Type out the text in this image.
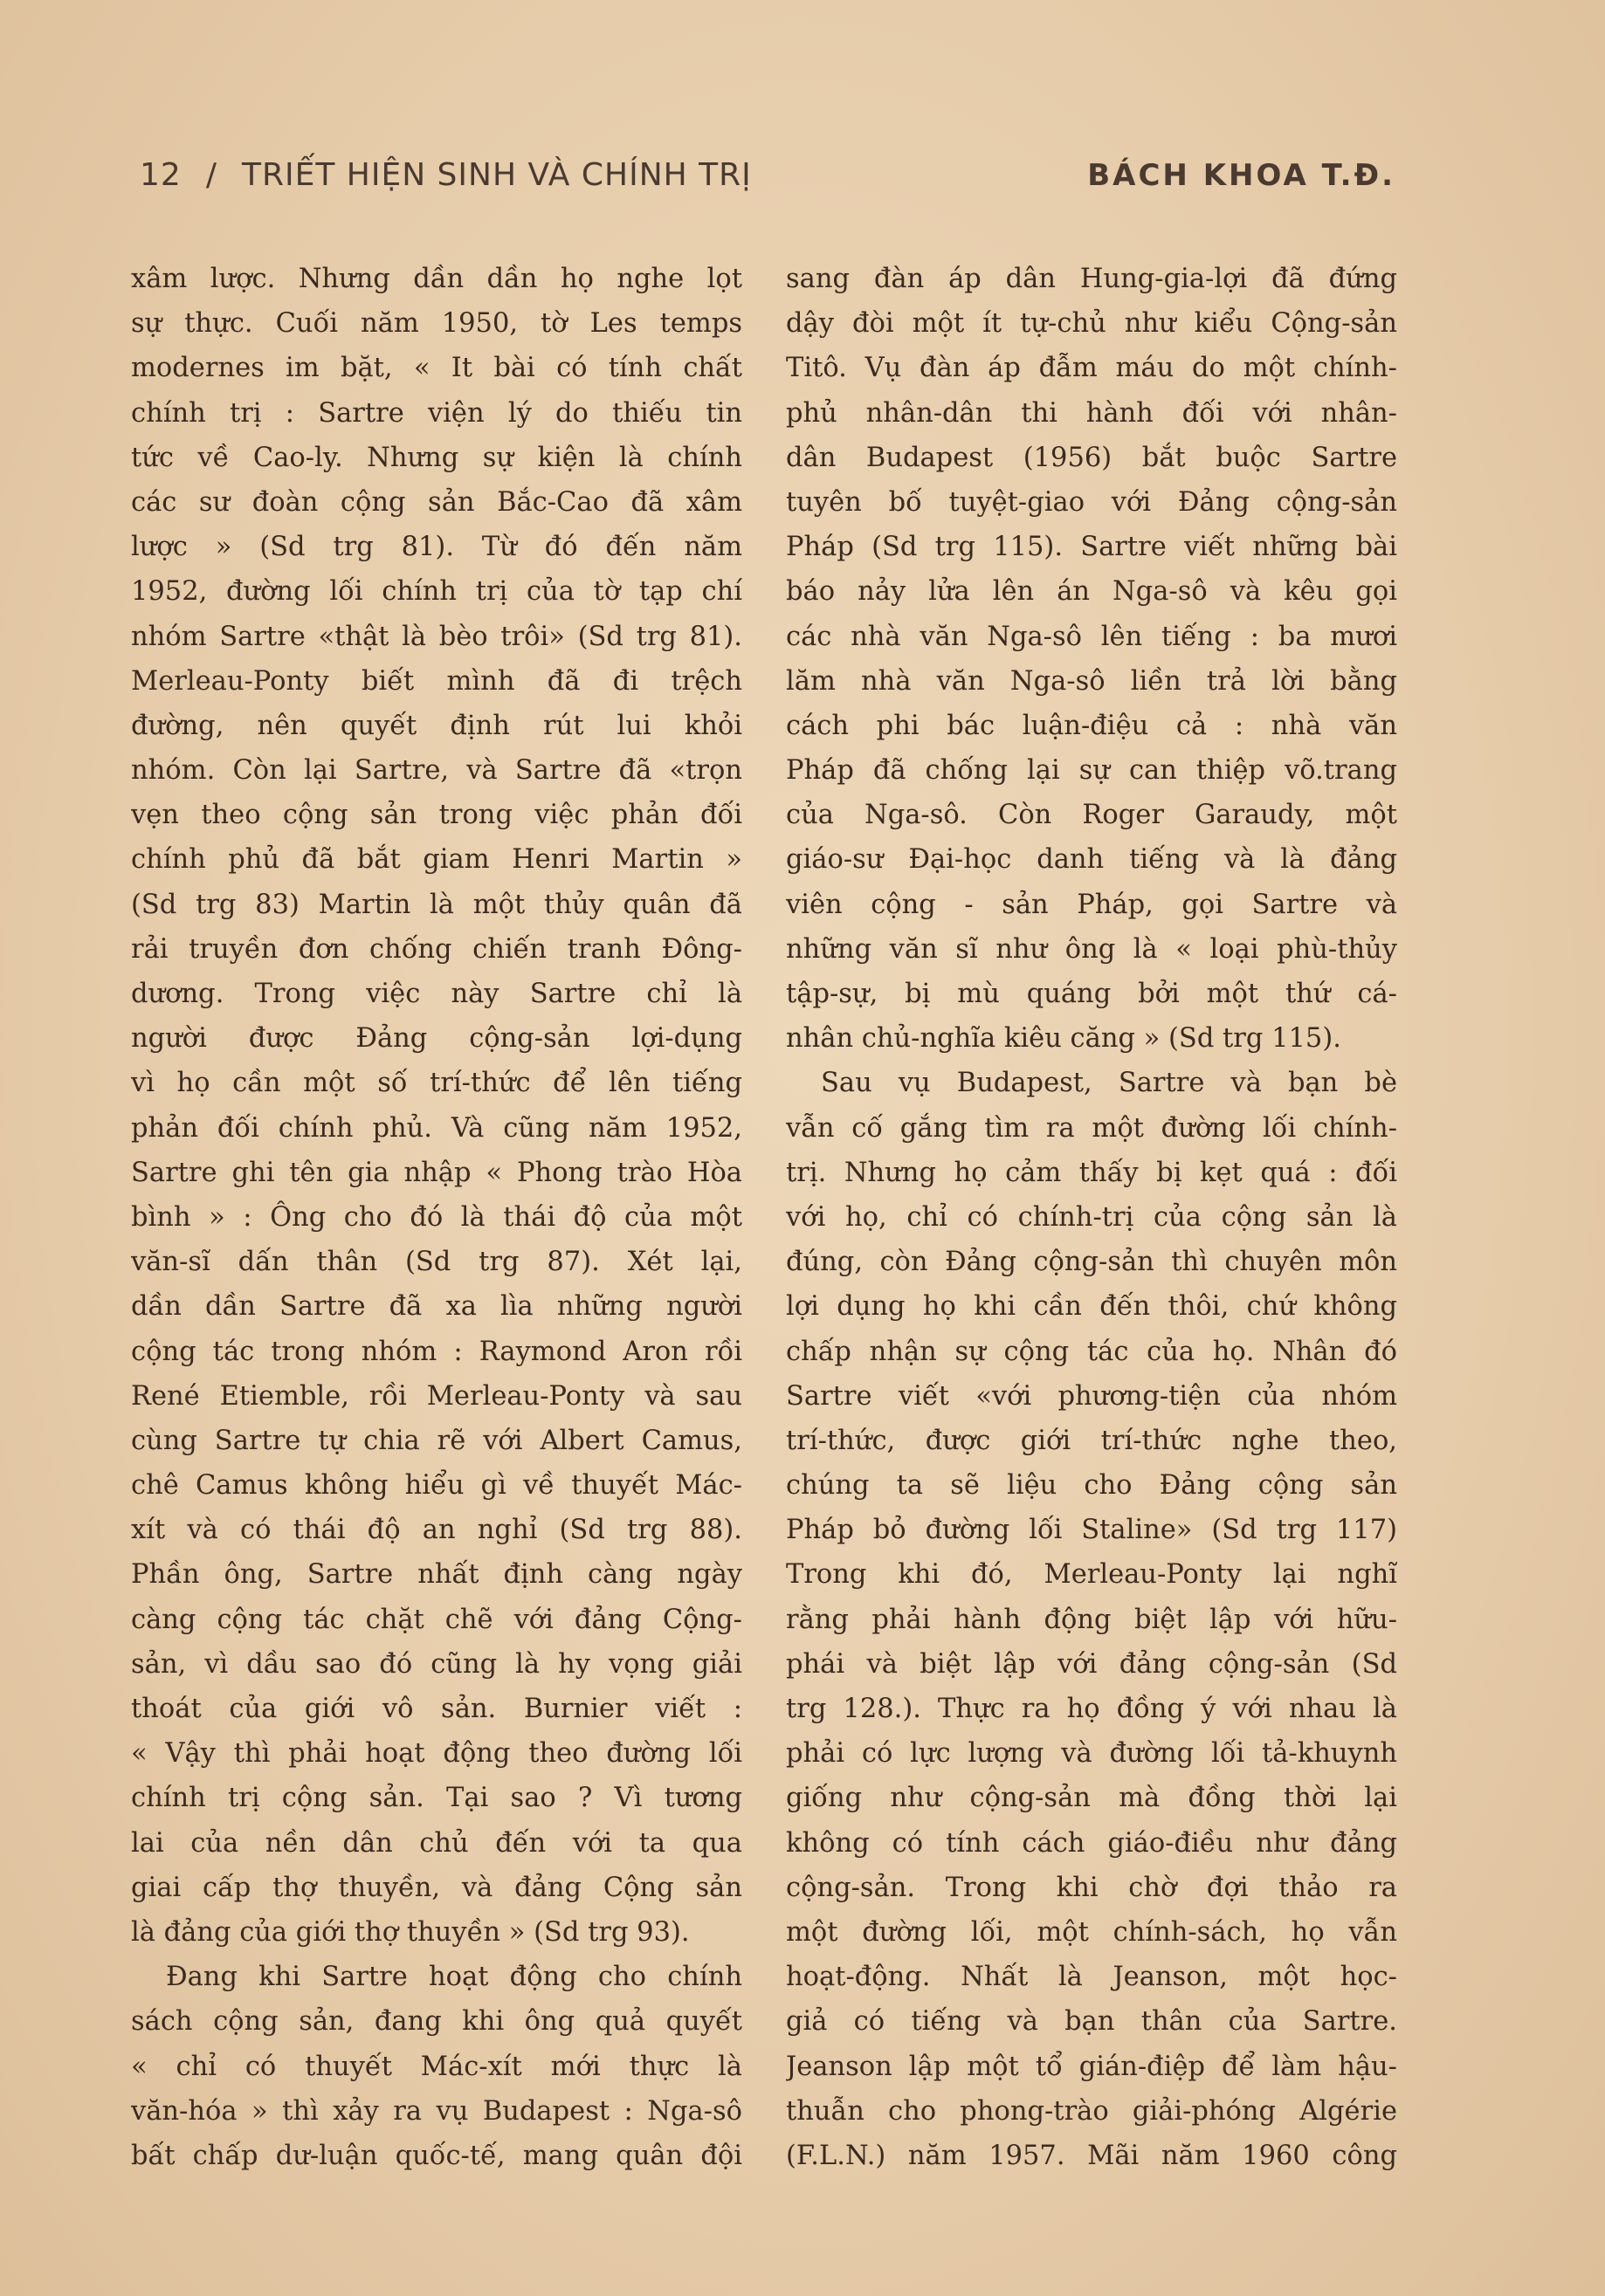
12 / TRIẾT HIỆN SINH VÀ CHÍNH TRỊ	BÁCH KHOA T.Đ.
xâm lược. Nhưng dần dần họ nghe lọt
sự thực. Cuối năm 1950, tờ Les temps
modernes im bặt, « It bài có tính chất
chính trị : Sartre viện lý do thiếu tin
tức về Cao-ly. Nhưng sự kiện là chính
các sư đoàn cộng sản Bắc-Cao đã xâm
lược » (Sd trg 81). Từ đó đến năm
1952, đường lối chính trị của tờ tạp chí
nhóm Sartre «thật là bèo trôi» (Sd trg 81).
Merleau-Ponty biết mình đã đi trệch
đường, nên quyết định rút lui khỏi
nhóm. Còn lại Sartre, và Sartre đã «trọn
vẹn theo cộng sản trong việc phản đối
chính phủ đã bắt giam Henri Martin »
(Sd trg 83) Martin là một thủy quân đã
rải truyền đơn chống chiến tranh Đông-
dương. Trong việc này Sartre chỉ là
người được Đảng cộng-sản lợi-dụng
vì họ cần một số trí-thức để lên tiếng
phản đối chính phủ. Và cũng năm 1952,
Sartre ghi tên gia nhập « Phong trào Hòa
bình » : Ông cho đó là thái độ của một
văn-sĩ dấn thân (Sd trg 87). Xét lại,
dần dần Sartre đã xa lìa những người
cộng tác trong nhóm : Raymond Aron rồi
René Etiemble, rồi Merleau-Ponty và sau
cùng Sartre tự chia rẽ với Albert Camus,
chê Camus không hiểu gì về thuyết Mác-
xít và có thái độ an nghỉ (Sd trg 88).
Phần ông, Sartre nhất định càng ngày
càng cộng tác chặt chẽ với đảng Cộng-
sản, vì dầu sao đó cũng là hy vọng giải
thoát của giới vô sản. Burnier viết :
« Vậy thì phải hoạt động theo đường lối
chính trị cộng sản. Tại sao ? Vì tương
lai của nền dân chủ đến với ta qua
giai cấp thợ thuyền, và đảng Cộng sản
là đảng của giới thợ thuyền » (Sd trg 93).
Đang khi Sartre hoạt động cho chính
sách cộng sản, đang khi ông quả quyết
« chỉ có thuyết Mác-xít mới thực là
văn-hóa » thì xảy ra vụ Budapest : Nga-sô
bất chấp dư-luận quốc-tế, mang quân đội
sang đàn áp dân Hung-gia-lợi đã đứng
dậy đòi một ít tự-chủ như kiểu Cộng-sản
Titô. Vụ đàn áp đẫm máu do một chính-
phủ nhân-dân thi hành đối với nhân-
dân Budapest (1956) bắt buộc Sartre
tuyên bố tuyệt-giao với Đảng cộng-sản
Pháp (Sd trg 115). Sartre viết những bài
báo nảy lửa lên án Nga-sô và kêu gọi
các nhà văn Nga-sô lên tiếng : ba mươi
lăm nhà văn Nga-sô liền trả lời bằng
cách phi bác luận-điệu cả : nhà văn
Pháp đã chống lại sự can thiệp võ.trang
của Nga-sô. Còn Roger Garaudy, một
giáo-sư Đại-học danh tiếng và là đảng
viên cộng - sản Pháp, gọi Sartre và
những văn sĩ như ông là « loại phù-thủy
tập-sự, bị mù quáng bởi một thứ cá-
nhân chủ-nghĩa kiêu căng » (Sd trg 115).
Sau vụ Budapest, Sartre và bạn bè
vẫn cố gắng tìm ra một đường lối chính-
trị. Nhưng họ cảm thấy bị kẹt quá : đối
với họ, chỉ có chính-trị của cộng sản là
đúng, còn Đảng cộng-sản thì chuyên môn
lợi dụng họ khi cần đến thôi, chứ không
chấp nhận sự cộng tác của họ. Nhân đó
Sartre viết «với phương-tiện của nhóm
trí-thức, được giới trí-thức nghe theo,
chúng ta sẽ liệu cho Đảng cộng sản
Pháp bỏ đường lối Staline» (Sd trg 117)
Trong khi đó, Merleau-Ponty lại nghĩ
rằng phải hành động biệt lập với hữu-
phái và biệt lập với đảng cộng-sản (Sd
trg 128.). Thực ra họ đồng ý với nhau là
phải có lực lượng và đường lối tả-khuynh
giống như cộng-sản mà đồng thời lại
không có tính cách giáo-điều như đảng
cộng-sản. Trong khi chờ đợi thảo ra
một đường lối, một chính-sách, họ vẫn
hoạt-động. Nhất là Jeanson, một học-
giả có tiếng và bạn thân của Sartre.
Jeanson lập một tổ gián-điệp để làm hậu-
thuẫn cho phong-trào giải-phóng Algérie
(F.L.N.) năm 1957. Mãi năm 1960 công
